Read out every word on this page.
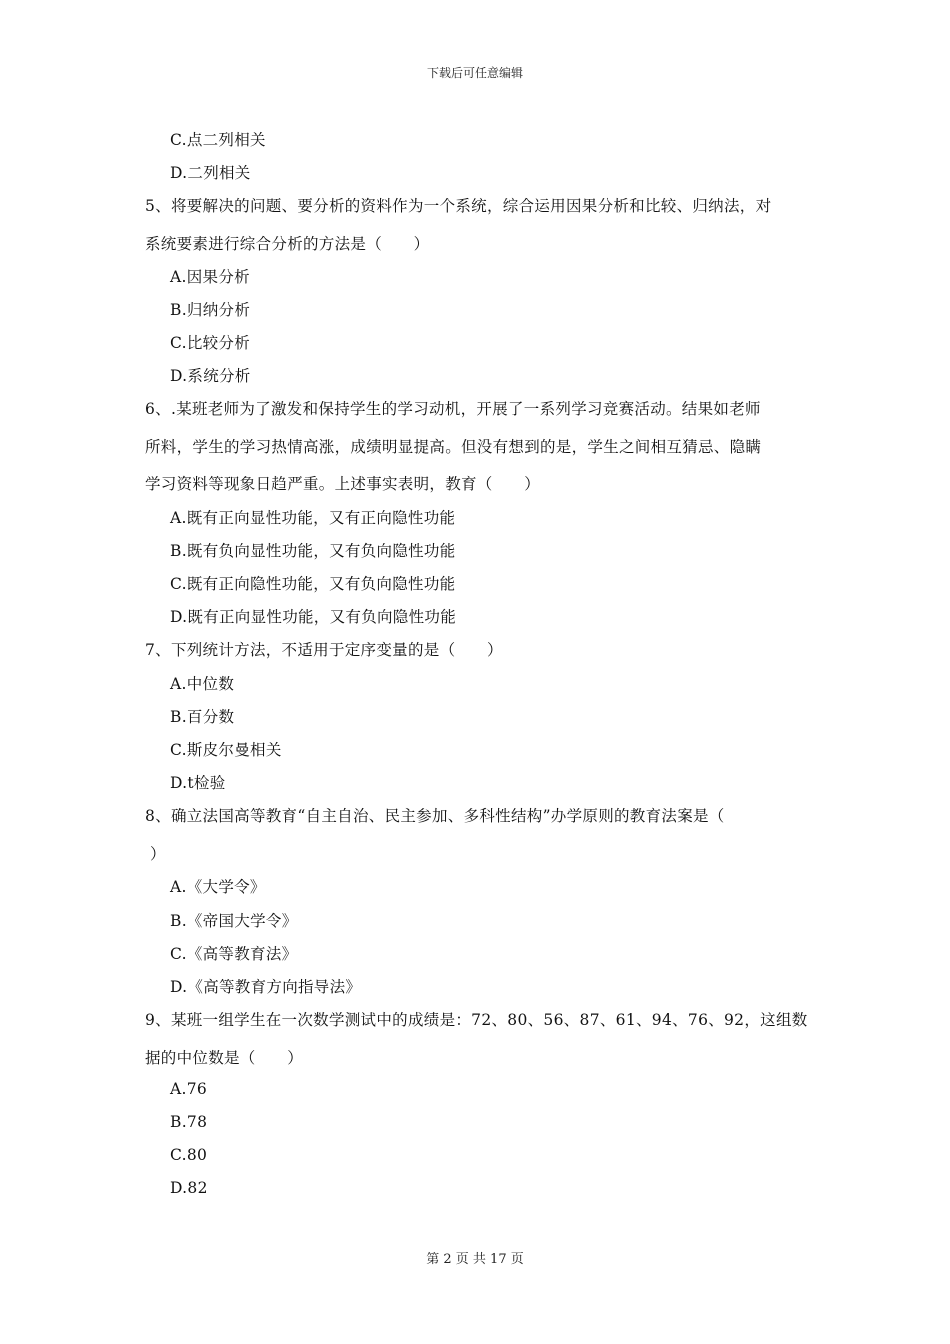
下载后可任意编辑
C.点二列相关
D.二列相关
5、将要解决的问题、要分析的资料作为一个系统，综合运用因果分析和比较、归纳法，对
系统要素进行综合分析的方法是（　　）
A.因果分析
B.归纳分析
C.比较分析
D.系统分析
6、.某班老师为了激发和保持学生的学习动机，开展了一系列学习竞赛活动。结果如老师
所料，学生的学习热情高涨，成绩明显提高。但没有想到的是，学生之间相互猜忌、隐瞒
学习资料等现象日趋严重。上述事实表明，教育（　　）
A.既有正向显性功能，又有正向隐性功能
B.既有负向显性功能，又有负向隐性功能
C.既有正向隐性功能，又有负向隐性功能
D.既有正向显性功能，又有负向隐性功能
7、下列统计方法，不适用于定序变量的是（　　）
A.中位数
B.百分数
C.斯皮尔曼相关
D.t检验
8、确立法国高等教育“自主自治、民主参加、多科性结构”办学原则的教育法案是（
）
A.《大学令》
B.《帝国大学令》
C.《高等教育法》
D.《高等教育方向指导法》
9、某班一组学生在一次数学测试中的成绩是：72、80、56、87、61、94、76、92，这组数
据的中位数是（　　）
A.76
B.78
C.80
D.82
第 2 页 共 17 页
